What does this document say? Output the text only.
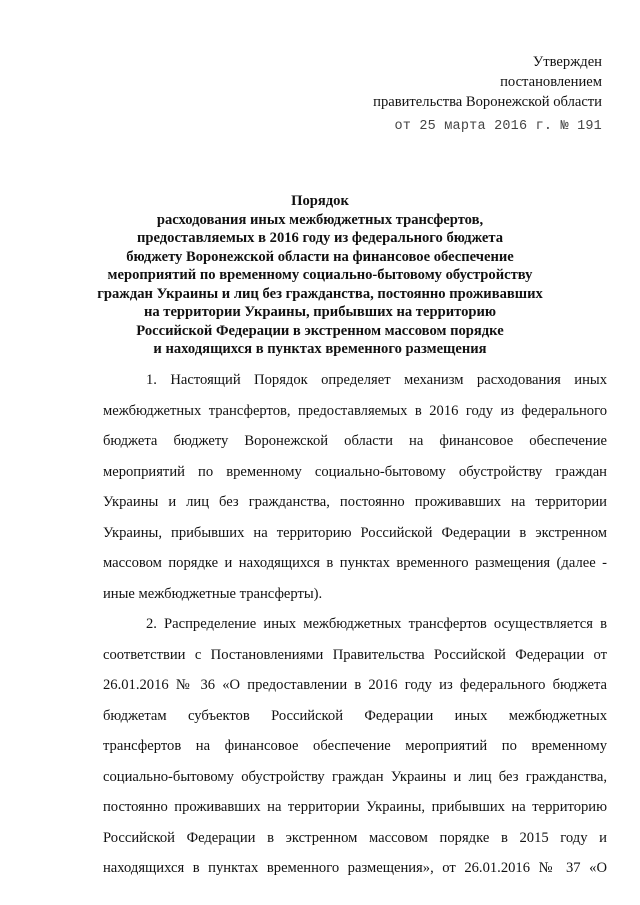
Утвержден
постановлением
правительства Воронежской области
от 25 марта 2016 г. № 191
Порядок
расходования иных межбюджетных трансфертов,
предоставляемых в 2016 году из федерального бюджета
бюджету Воронежской области на финансовое обеспечение
мероприятий по временному социально-бытовому обустройству
граждан Украины и лиц без гражданства, постоянно проживавших
на территории Украины, прибывших на территорию
Российской Федерации в экстренном массовом порядке
и находящихся в пунктах временного размещения
1. Настоящий Порядок определяет механизм расходования иных
межбюджетных трансфертов, предоставляемых в 2016 году из федерального
бюджета бюджету Воронежской области на финансовое обеспечение
мероприятий по временному социально-бытовому обустройству граждан
Украины и лиц без гражданства, постоянно проживавших на территории
Украины, прибывших на территорию Российской Федерации в экстренном
массовом порядке и находящихся в пунктах временного размещения (далее -
иные межбюджетные трансферты).
2. Распределение иных межбюджетных трансфертов осуществляется в
соответствии с Постановлениями Правительства Российской Федерации от
26.01.2016 № 36 «О предоставлении в 2016 году из федерального бюджета
бюджетам субъектов Российской Федерации иных межбюджетных
трансфертов на финансовое обеспечение мероприятий по временному
социально-бытовому обустройству граждан Украины и лиц без гражданства,
постоянно проживавших на территории Украины, прибывших на территорию
Российской Федерации в экстренном массовом порядке в 2015 году и
находящихся в пунктах временного размещения», от 26.01.2016 № 37 «О
